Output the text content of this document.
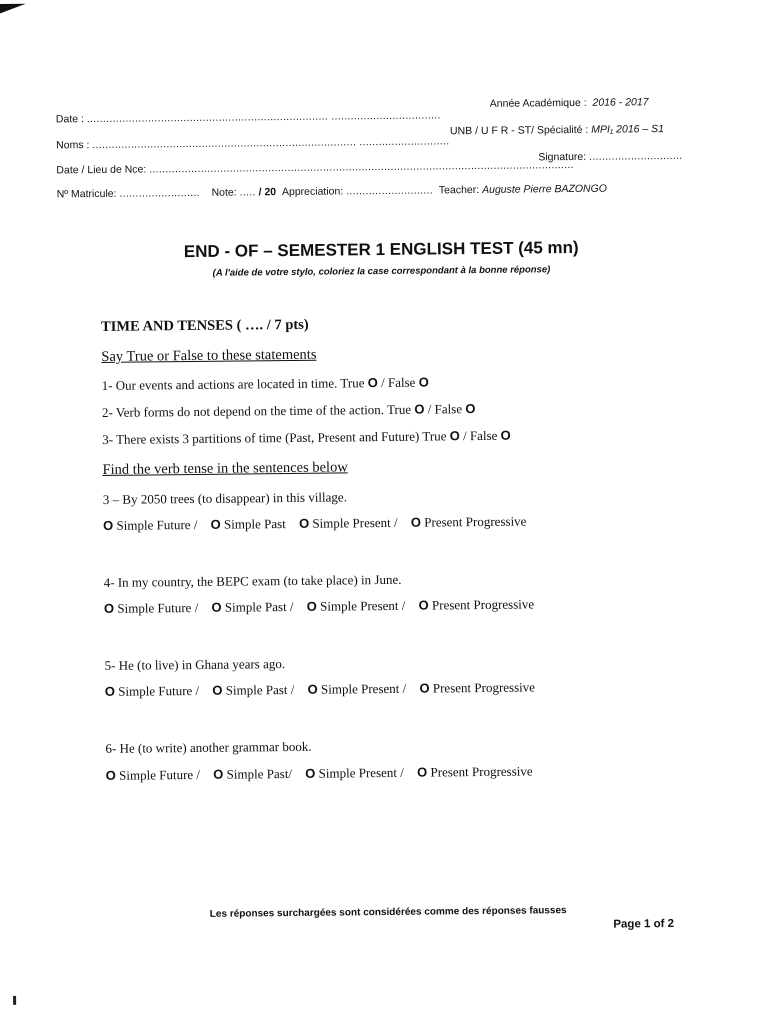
Date : ........................................................................... ..................................
Année Académique : 2016 - 2017
Noms : .................................................................................. ............................
UNB / U F R - ST/ Spécialité : MPI₁ 2016 – S1
Date / Lieu de Nce: ....................................................................................................................................
Signature: .............................
Nº Matricule: ......................... Note: ..... / 20 Appreciation: ........................... Teacher: Auguste Pierre BAZONGO
END - OF – SEMESTER 1 ENGLISH TEST (45 mn)
(A l'aide de votre stylo, coloriez la case correspondant à la bonne réponse)
TIME AND TENSES ( …. / 7 pts)
Say True or False to these statements
1- Our events and actions are located in time. True O / False O
2- Verb forms do not depend on the time of the action. True O / False O
3- There exists 3 partitions of time (Past, Present and Future) True O / False O
Find the verb tense in the sentences below
3 – By 2050 trees (to disappear) in this village.
O Simple Future / O Simple Past O Simple Present / O Present Progressive
4- In my country, the BEPC exam (to take place) in June.
O Simple Future / O Simple Past / O Simple Present / O Present Progressive
5- He (to live) in Ghana years ago.
O Simple Future / O Simple Past / O Simple Present / O Present Progressive
6- He (to write) another grammar book.
O Simple Future / O Simple Past/ O Simple Present / O Present Progressive
Les réponses surchargées sont considérées comme des réponses fausses
Page 1 of 2
